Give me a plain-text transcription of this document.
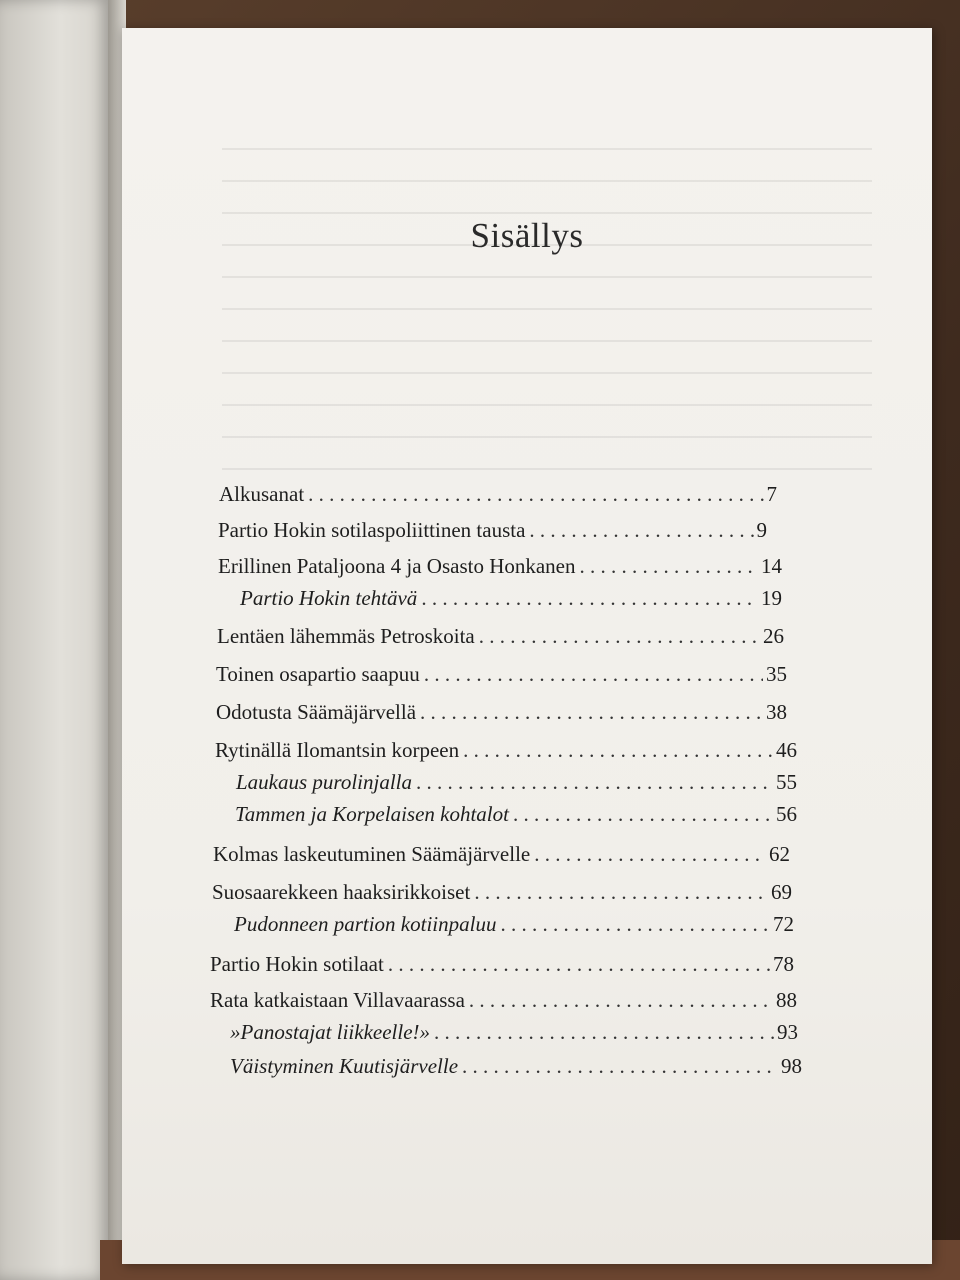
Sisällys
Alkusanat . . .	7
Partio Hokin sotilaspoliittinen tausta . . .	9
Erillinen Pataljoona 4 ja Osasto Honkanen . . .	14
Partio Hokin tehtävä . . .	19
Lentäen lähemmäs Petroskoita . . .	26
Toinen osapartio saapuu . . .	35
Odotusta Säämäjärvellä . . .	38
Rytinällä Ilomantsin korpeen . . .	46
Laukaus purolinjalla . . .	55
Tammen ja Korpelaisen kohtalot . . .	56
Kolmas laskeutuminen Säämäjärvelle . . .	62
Suosaarekkeen haaksirikkoiset . . .	69
Pudonneen partion kotiinpaluu . . .	72
Partio Hokin sotilaat . . .	78
Rata katkaistaan Villavaarassa . . .	88
»Panostajat liikkeelle!» . . .	93
Väistyminen Kuutisjärvelle . . .	98
